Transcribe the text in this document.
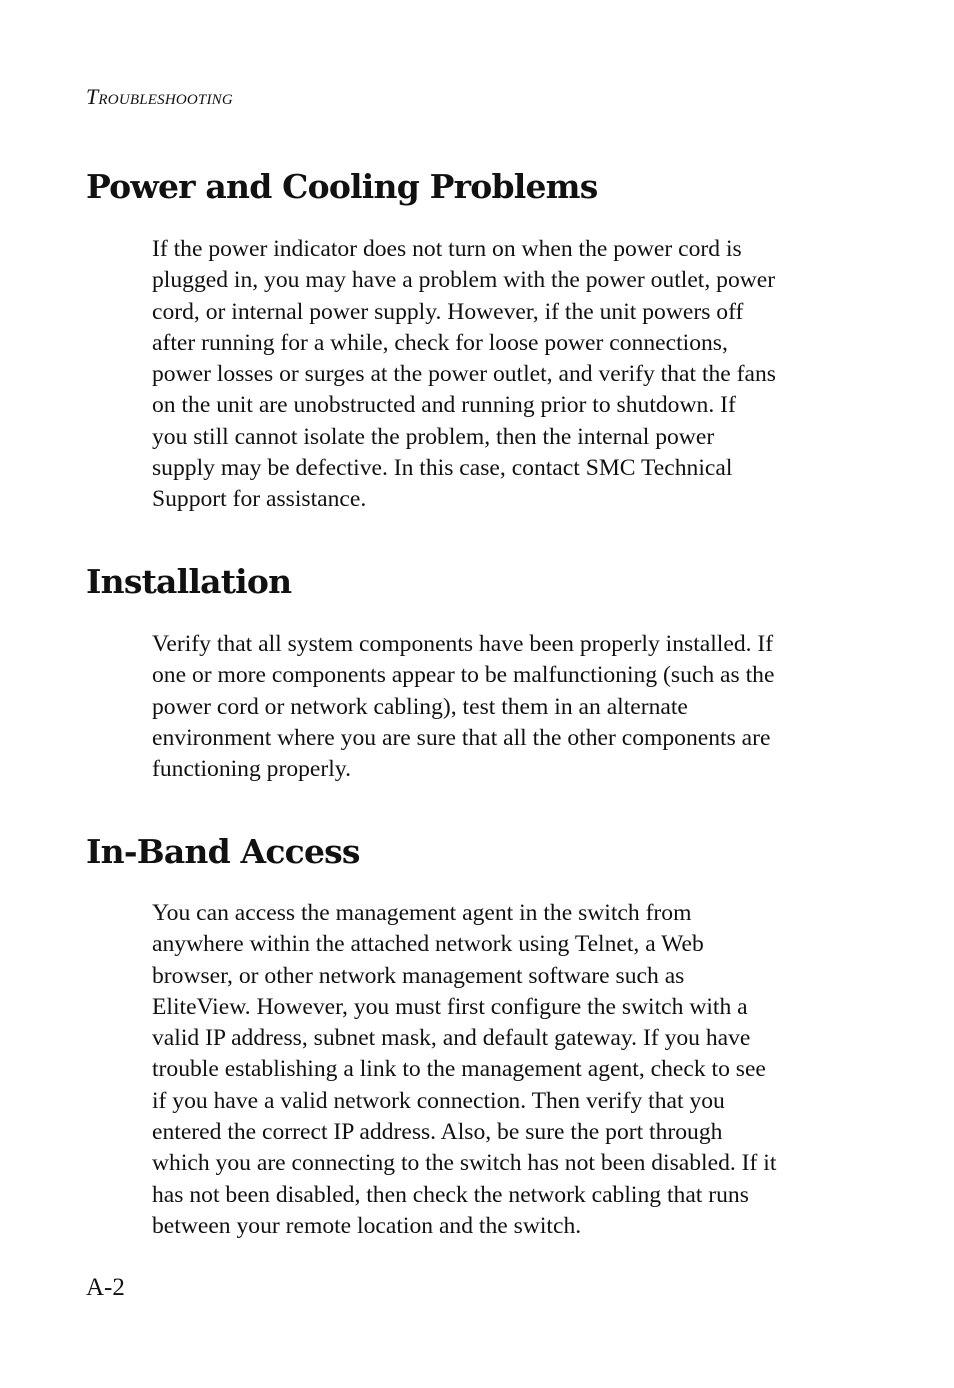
Troubleshooting
Power and Cooling Problems

If the power indicator does not turn on when the power cord is
plugged in, you may have a problem with the power outlet, power
cord, or internal power supply. However, if the unit powers off
after running for a while, check for loose power connections,
power losses or surges at the power outlet, and verify that the fans
on the unit are unobstructed and running prior to shutdown. If
you still cannot isolate the problem, then the internal power
supply may be defective. In this case, contact SMC Technical
Support for assistance.

Installation

Verify that all system components have been properly installed. If
one or more components appear to be malfunctioning (such as the
power cord or network cabling), test them in an alternate
environment where you are sure that all the other components are
functioning properly.

In-Band Access

You can access the management agent in the switch from
anywhere within the attached network using Telnet, a Web
browser, or other network management software such as
EliteView. However, you must first configure the switch with a
valid IP address, subnet mask, and default gateway. If you have
trouble establishing a link to the management agent, check to see
if you have a valid network connection. Then verify that you
entered the correct IP address. Also, be sure the port through
which you are connecting to the switch has not been disabled. If it
has not been disabled, then check the network cabling that runs
between your remote location and the switch.

A-2
